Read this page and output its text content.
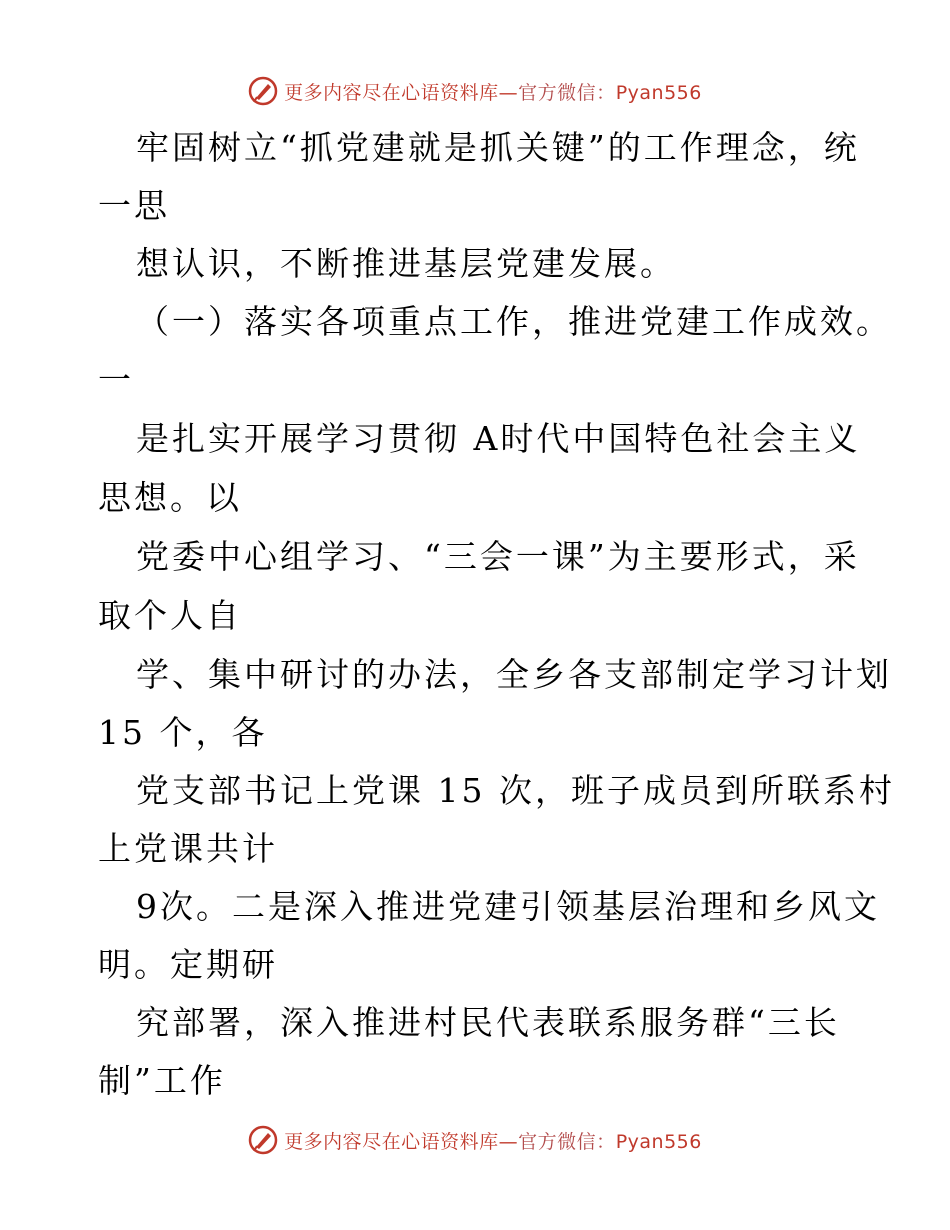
更多内容尽在心语资料库—官方微信：Pyan556
牢固树立“抓党建就是抓关键”的工作理念，统
一思
想认识，不断推进基层党建发展。
（一）落实各项重点工作，推进党建工作成效。
一
是扎实开展学习贯彻 A时代中国特色社会主义
思想。以
党委中心组学习、“三会一课”为主要形式，采
取个人自
学、集中研讨的办法，全乡各支部制定学习计划
15 个，各
党支部书记上党课 15 次，班子成员到所联系村
上党课共计
9次。二是深入推进党建引领基层治理和乡风文
明。定期研
究部署，深入推进村民代表联系服务群“三长
制”工作
更多内容尽在心语资料库—官方微信：Pyan556
